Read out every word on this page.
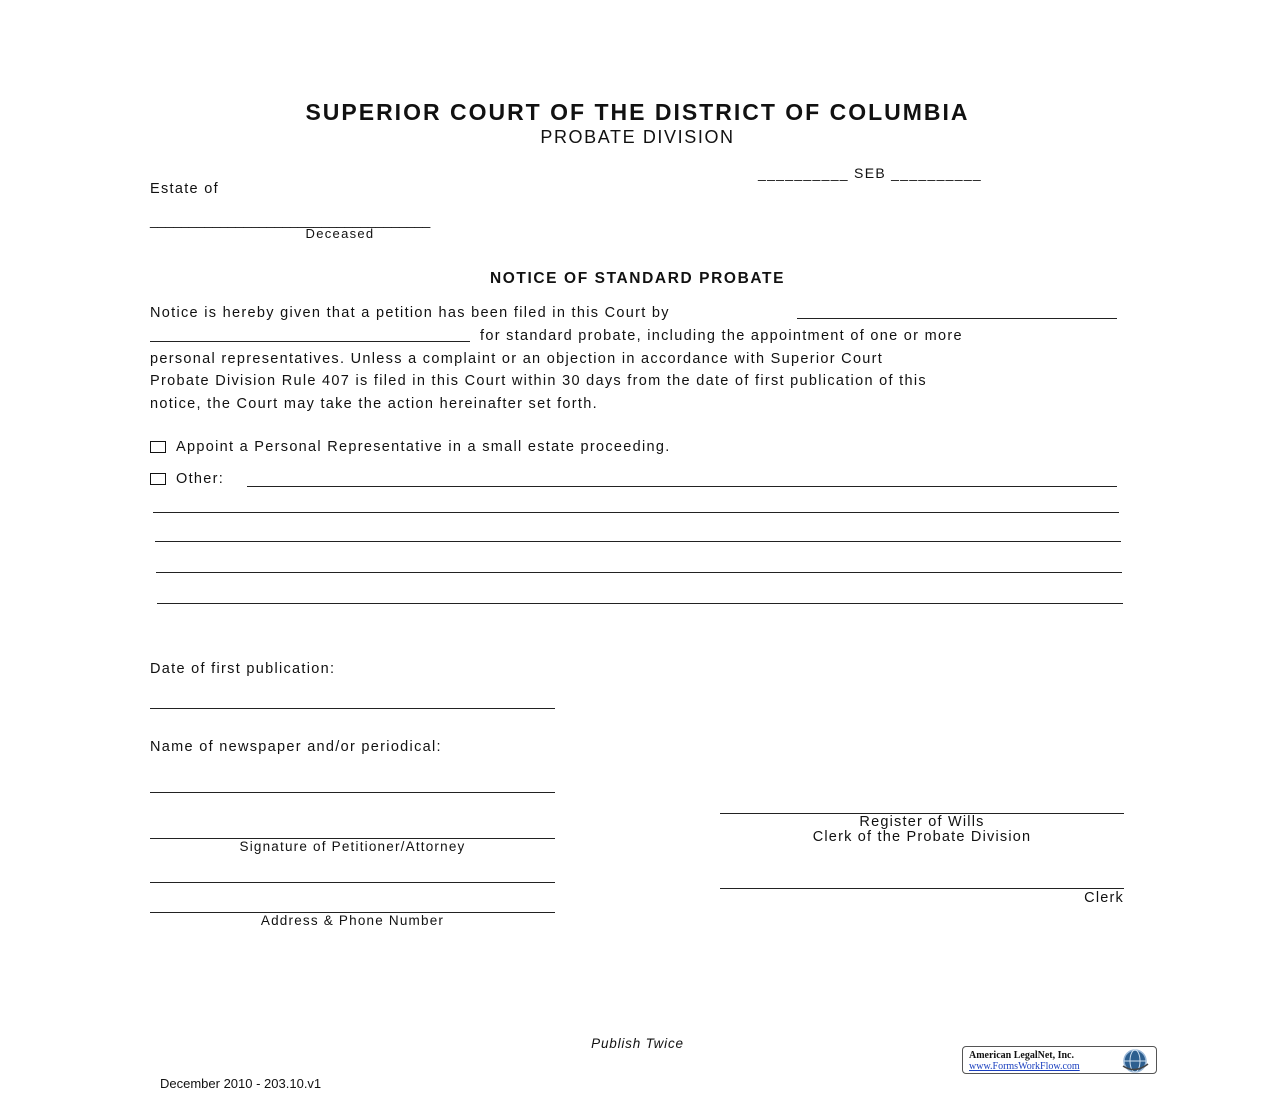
SUPERIOR COURT OF THE DISTRICT OF COLUMBIA
PROBATE DIVISION
__________ SEB __________
Estate of
____________________________________
Deceased
NOTICE OF STANDARD PROBATE
Notice is hereby given that a petition has been filed in this Court by
for standard probate, including the appointment of one or more
personal representatives. Unless a complaint or an objection in accordance with Superior Court
Probate Division Rule 407 is filed in this Court within 30 days from the date of first publication of this
notice, the Court may take the action hereinafter set forth.
Appoint a Personal Representative in a small estate proceeding.
Other:
Date of first publication:
Name of newspaper and/or periodical:
Signature of Petitioner/Attorney
Address & Phone Number
Register of Wills
Clerk of the Probate Division
Clerk
Publish Twice
December 2010 - 203.10.v1
American LegalNet, Inc.
www.FormsWorkFlow.com
